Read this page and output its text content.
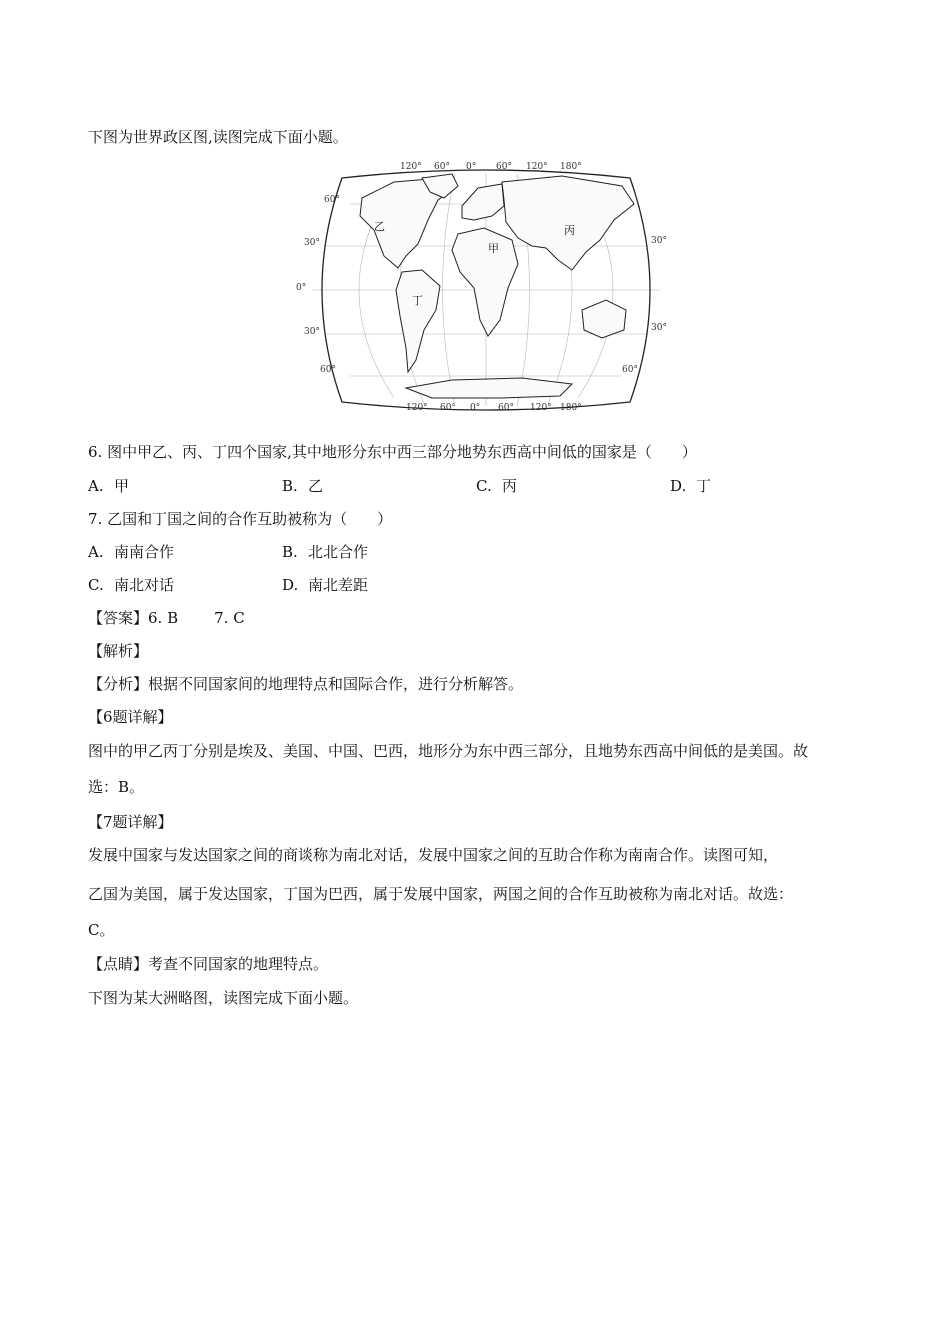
下图为世界政区图,读图完成下面小题。
120° 60° 0° 60° 120° 180°
120° 60° 0° 60° 120° 180°
60°
30°
0°
30°
60°
30°
30°
60°
甲
乙	丙
丁
6. 图中甲乙、丙、丁四个国家,其中地形分东中西三部分地势东西高中间低的国家是（　　）
A. 甲	B. 乙	C. 丙	D. 丁
7. 乙国和丁国之间的合作互助被称为（　　）
A. 南南合作	B. 北北合作
C. 南北对话	D. 南北差距
【答案】6. B 7. C
【解析】
【分析】根据不同国家间的地理特点和国际合作，进行分析解答。
【6题详解】
图中的甲乙丙丁分别是埃及、美国、中国、巴西，地形分为东中西三部分，且地势东西高中间低的是美国。故
选：B。
【7题详解】
发展中国家与发达国家之间的商谈称为南北对话，发展中国家之间的互助合作称为南南合作。读图可知，
乙国为美国，属于发达国家，丁国为巴西，属于发展中国家，两国之间的合作互助被称为南北对话。故选：
C。
【点睛】考查不同国家的地理特点。
下图为某大洲略图，读图完成下面小题。
